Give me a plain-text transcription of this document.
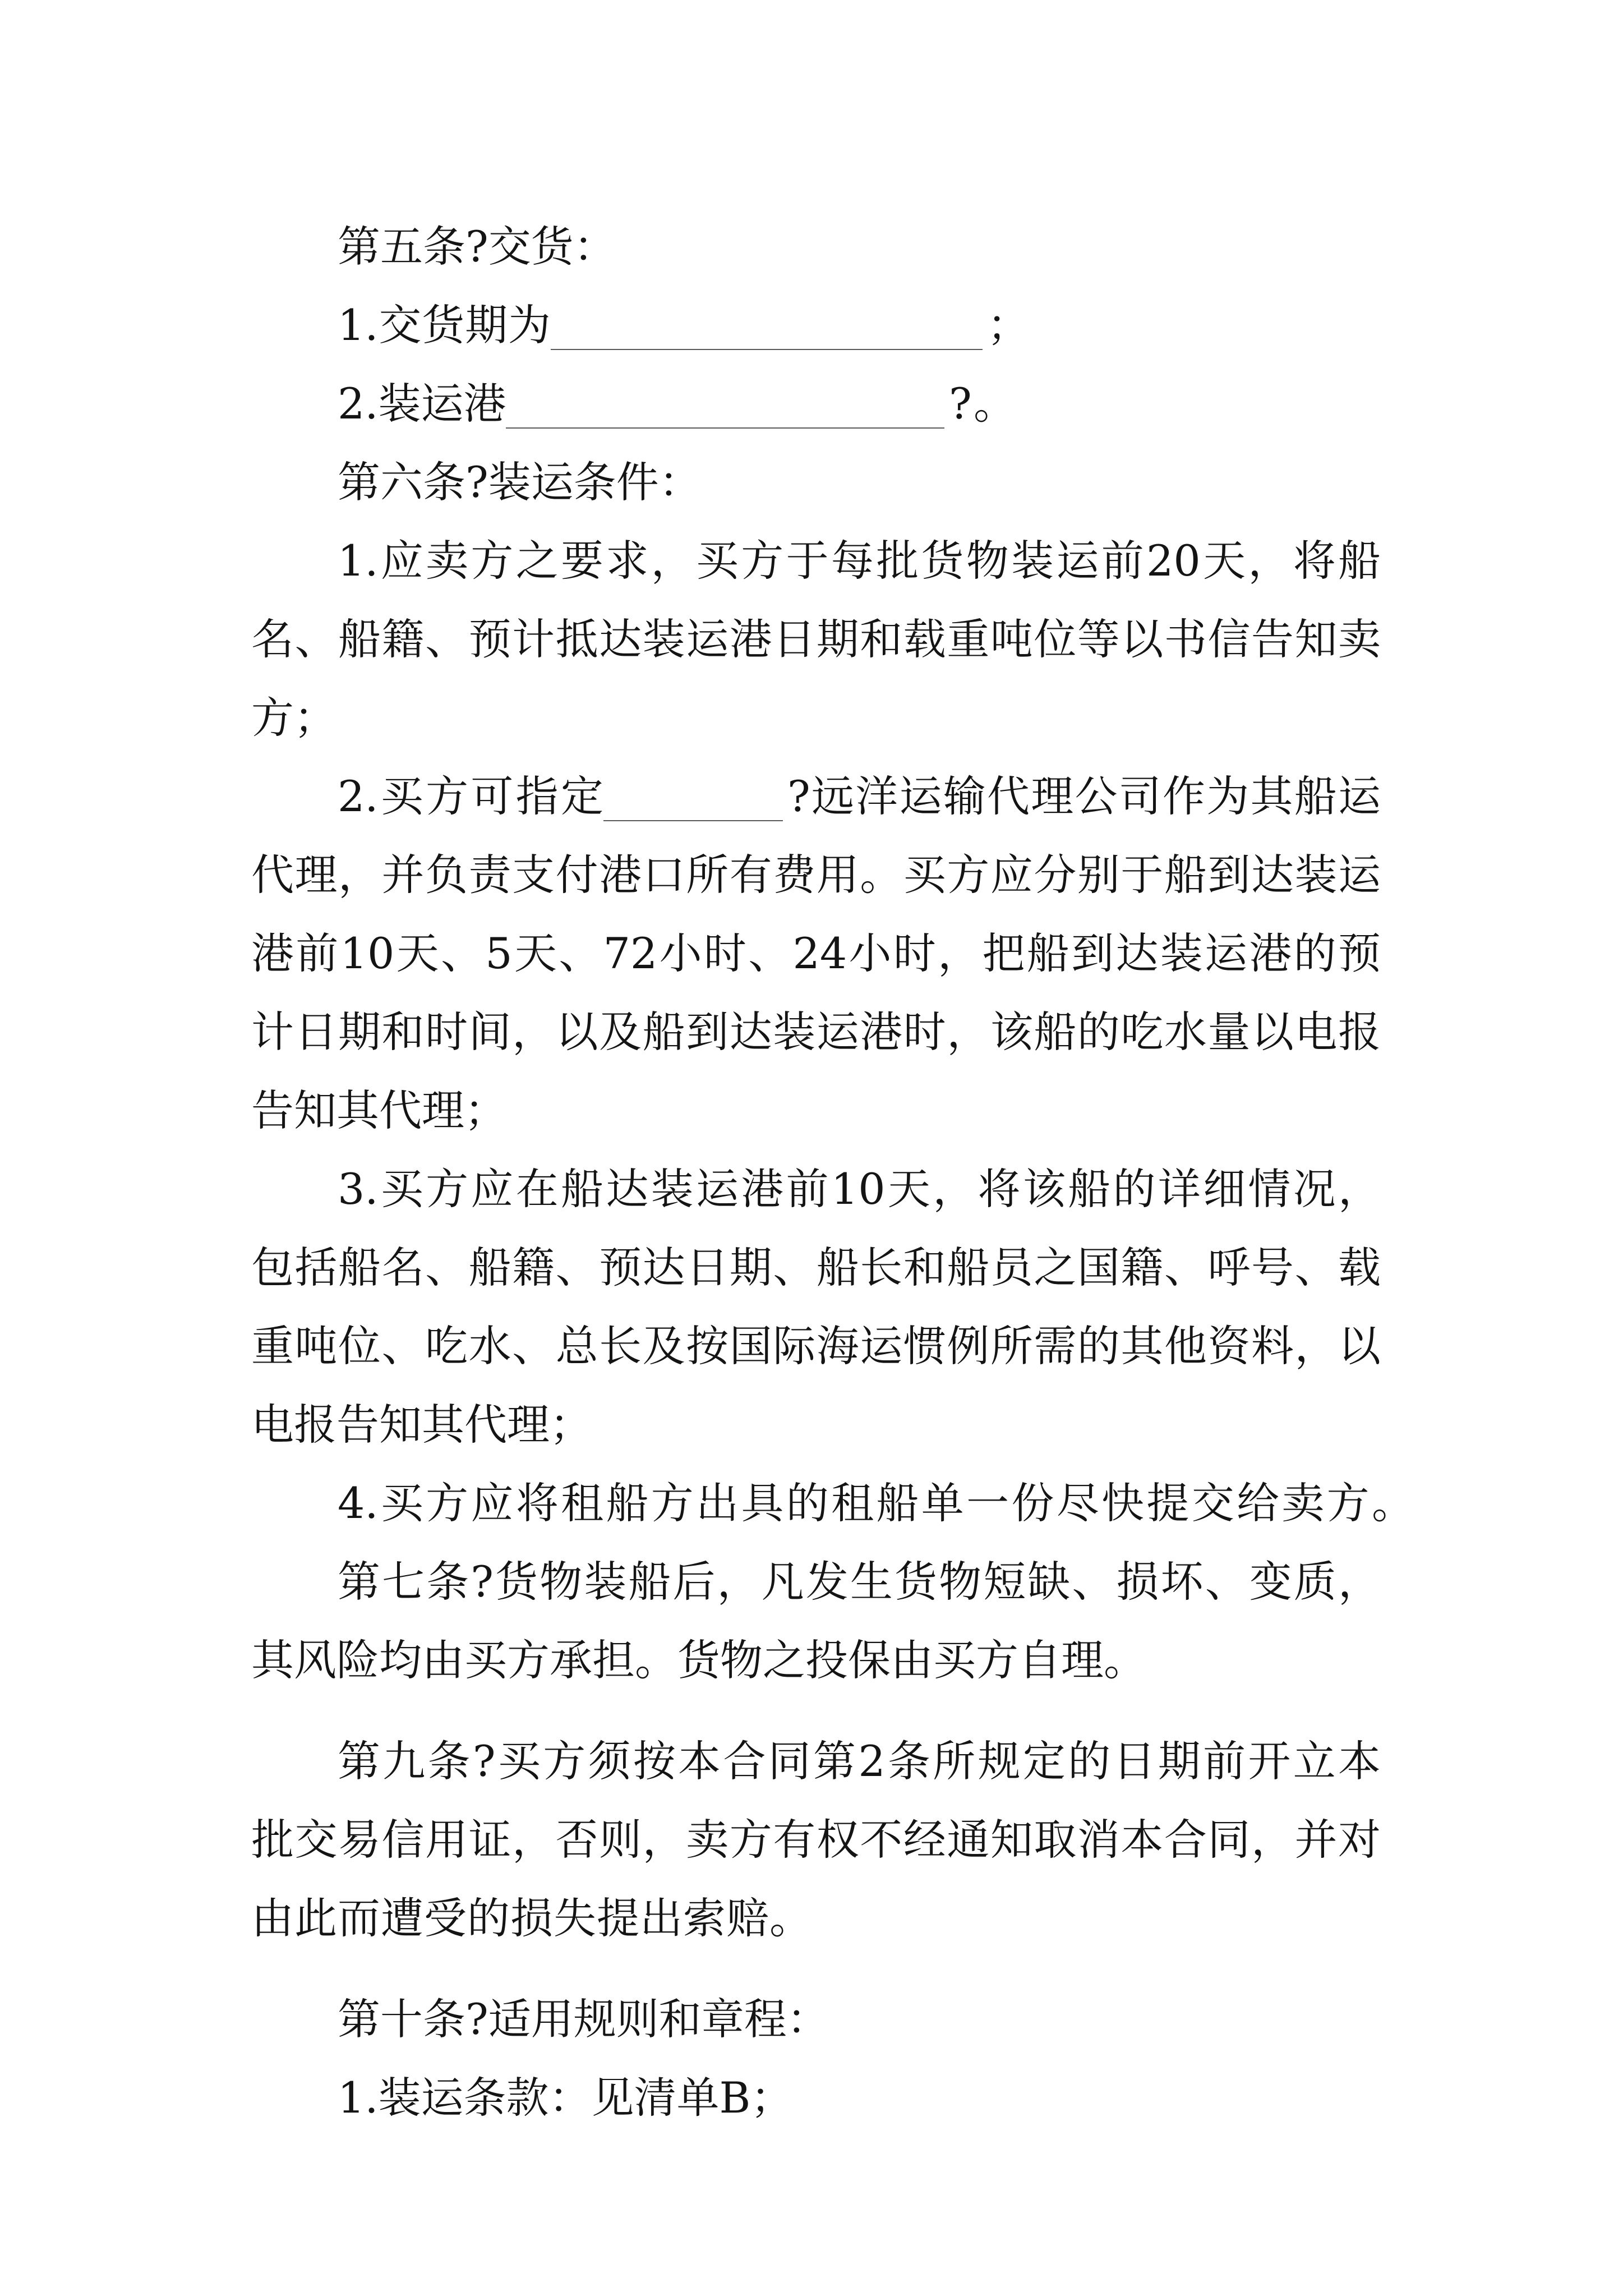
第五条?交货：
1.交货期为	；
2.装运港	?。
第六条?装运条件：
1.应卖方之要求，买方于每批货物装运前20天，将船
名、船籍、预计抵达装运港日期和载重吨位等以书信告知卖
方；
2.买方可指定	?远洋运输代理公司作为其船运
代理，并负责支付港口所有费用。买方应分别于船到达装运
港前10天、5天、72小时、24小时，把船到达装运港的预
计日期和时间，以及船到达装运港时，该船的吃水量以电报
告知其代理；
3.买方应在船达装运港前10天，将该船的详细情况，
包括船名、船籍、预达日期、船长和船员之国籍、呼号、载
重吨位、吃水、总长及按国际海运惯例所需的其他资料，以
电报告知其代理；
4.买方应将租船方出具的租船单一份尽快提交给卖方。
第七条?货物装船后，凡发生货物短缺、损坏、变质，
其风险均由买方承担。货物之投保由买方自理。
第九条?买方须按本合同第2条所规定的日期前开立本
批交易信用证，否则，卖方有权不经通知取消本合同，并对
由此而遭受的损失提出索赔。
第十条?适用规则和章程：
1.装运条款：见清单B；
